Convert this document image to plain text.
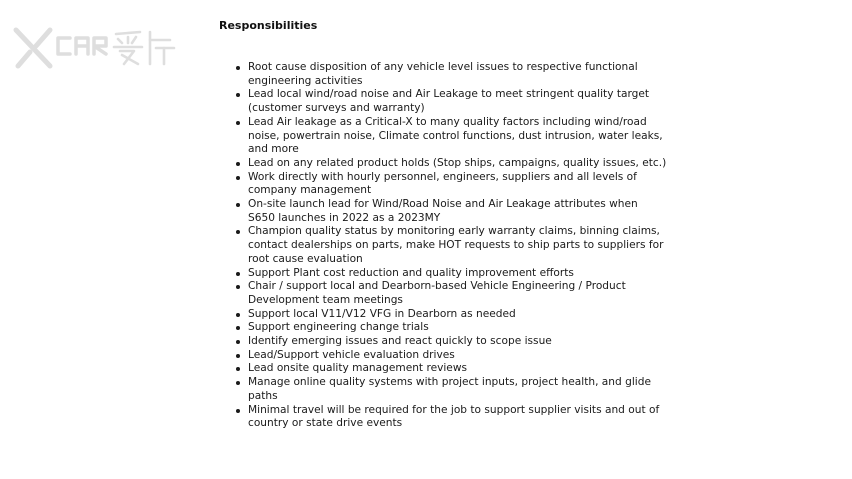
Responsibilities
Root cause disposition of any vehicle level issues to respective functional engineering activities
Lead local wind/road noise and Air Leakage to meet stringent quality target (customer surveys and warranty)
Lead Air leakage as a Critical-X to many quality factors including wind/road noise, powertrain noise, Climate control functions, dust intrusion, water leaks, and more
Lead on any related product holds (Stop ships, campaigns, quality issues, etc.)
Work directly with hourly personnel, engineers, suppliers and all levels of company management
On-site launch lead for Wind/Road Noise and Air Leakage attributes when S650 launches in 2022 as a 2023MY
Champion quality status by monitoring early warranty claims, binning claims, contact dealerships on parts, make HOT requests to ship parts to suppliers for root cause evaluation
Support Plant cost reduction and quality improvement efforts
Chair / support local and Dearborn-based Vehicle Engineering / Product Development team meetings
Support local V11/V12 VFG in Dearborn as needed
Support engineering change trials
Identify emerging issues and react quickly to scope issue
Lead/Support vehicle evaluation drives
Lead onsite quality management reviews
Manage online quality systems with project inputs, project health, and glide paths
Minimal travel will be required for the job to support supplier visits and out of country or state drive events
